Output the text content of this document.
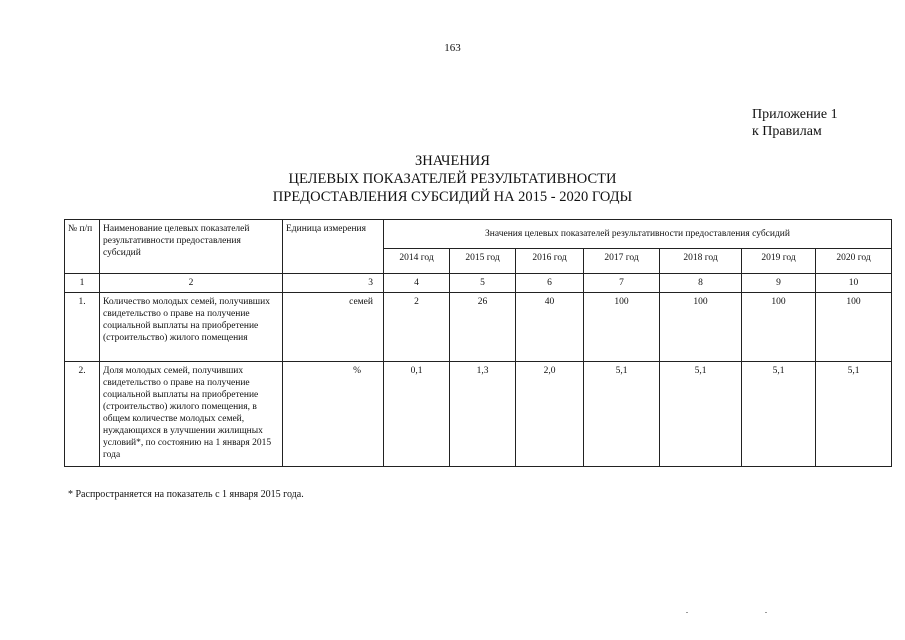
163
Приложение 1
к Правилам
ЗНАЧЕНИЯ
ЦЕЛЕВЫХ ПОКАЗАТЕЛЕЙ РЕЗУЛЬТАТИВНОСТИ
ПРЕДОСТАВЛЕНИЯ СУБСИДИЙ НА 2015 - 2020 ГОДЫ
№ п/п	Наименование целевых показателей результативности предоставления субсидий	Единица измерения	Значения целевых показателей результативности предоставления субсидий						
			2014 год	2015 год	2016 год	2017 год	2018 год	2019 год	2020 год
1	2	3	4	5	6	7	8	9	10
1.	Количество молодых семей, получивших свидетельство о праве на получение социальной выплаты на приобретение (строительство) жилого помещения	семей	2	26	40	100	100	100	100
2.	Доля молодых семей, получивших свидетельство о праве на получение социальной выплаты на приобретение (строительство) жилого помещения, в общем количестве молодых семей, нуждающихся в улучшении жилищных условий*, по состоянию на 1 января 2015 года	%	0,1	1,3	2,0	5,1	5,1	5,1	5,1
* Распространяется на показатель с 1 января 2015 года.
